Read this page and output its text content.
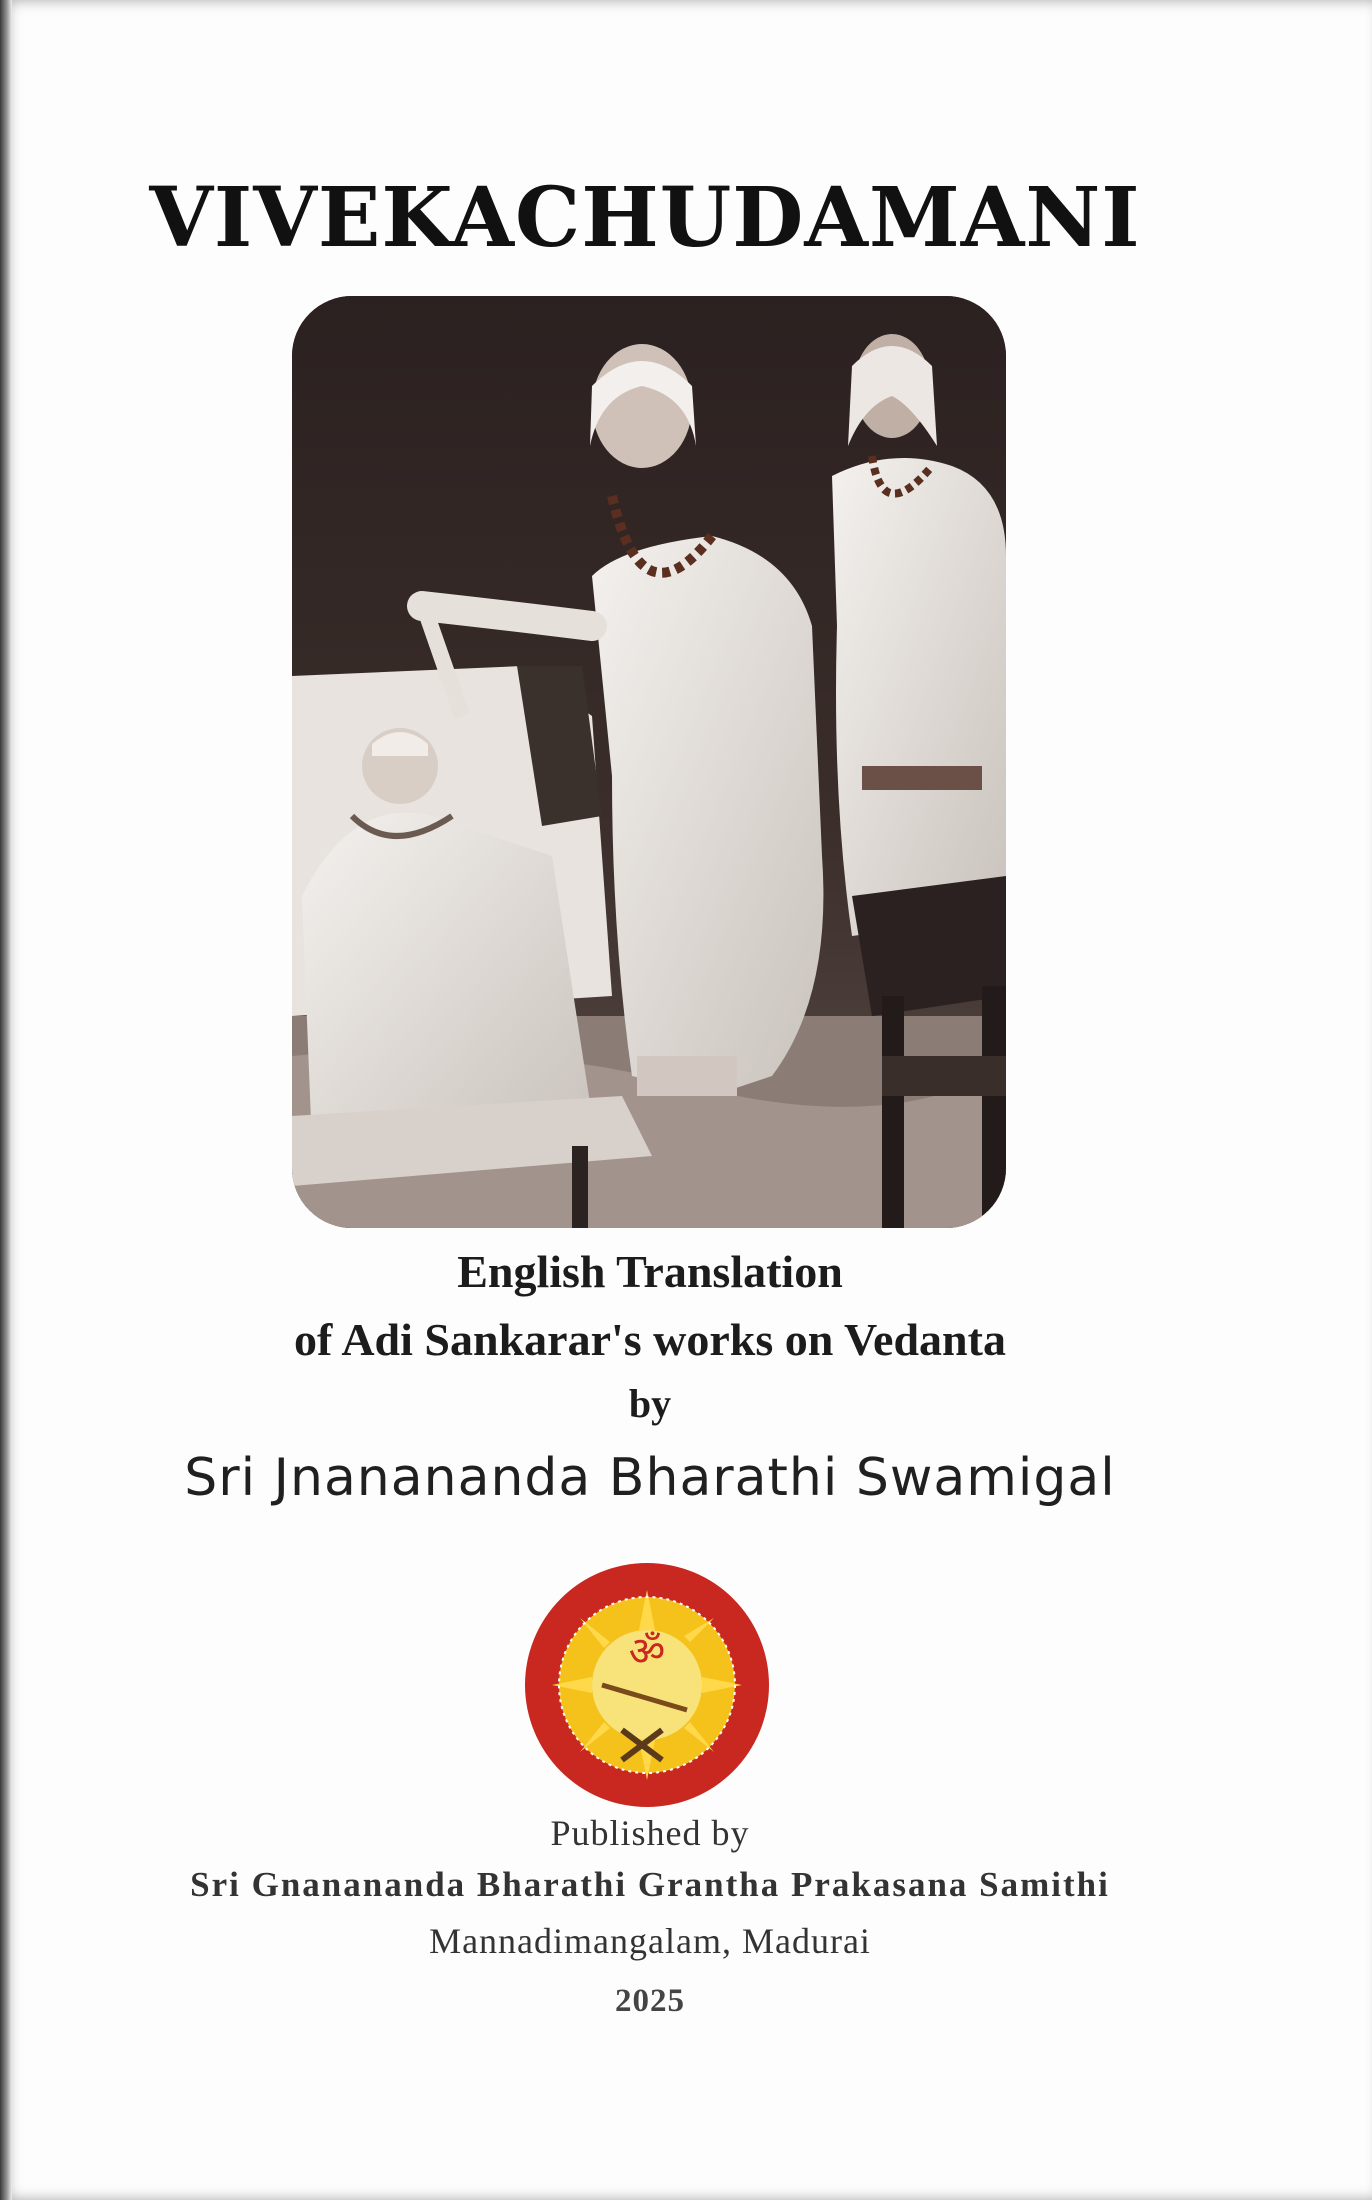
VIVEKACHUDAMANI
English Translation
of Adi Sankarar's works on Vedanta
by
Sri Jnanananda Bharathi Swamigal
ॐ
Published by
Sri Gnanananda Bharathi Grantha Prakasana Samithi
Mannadimangalam, Madurai
2025
